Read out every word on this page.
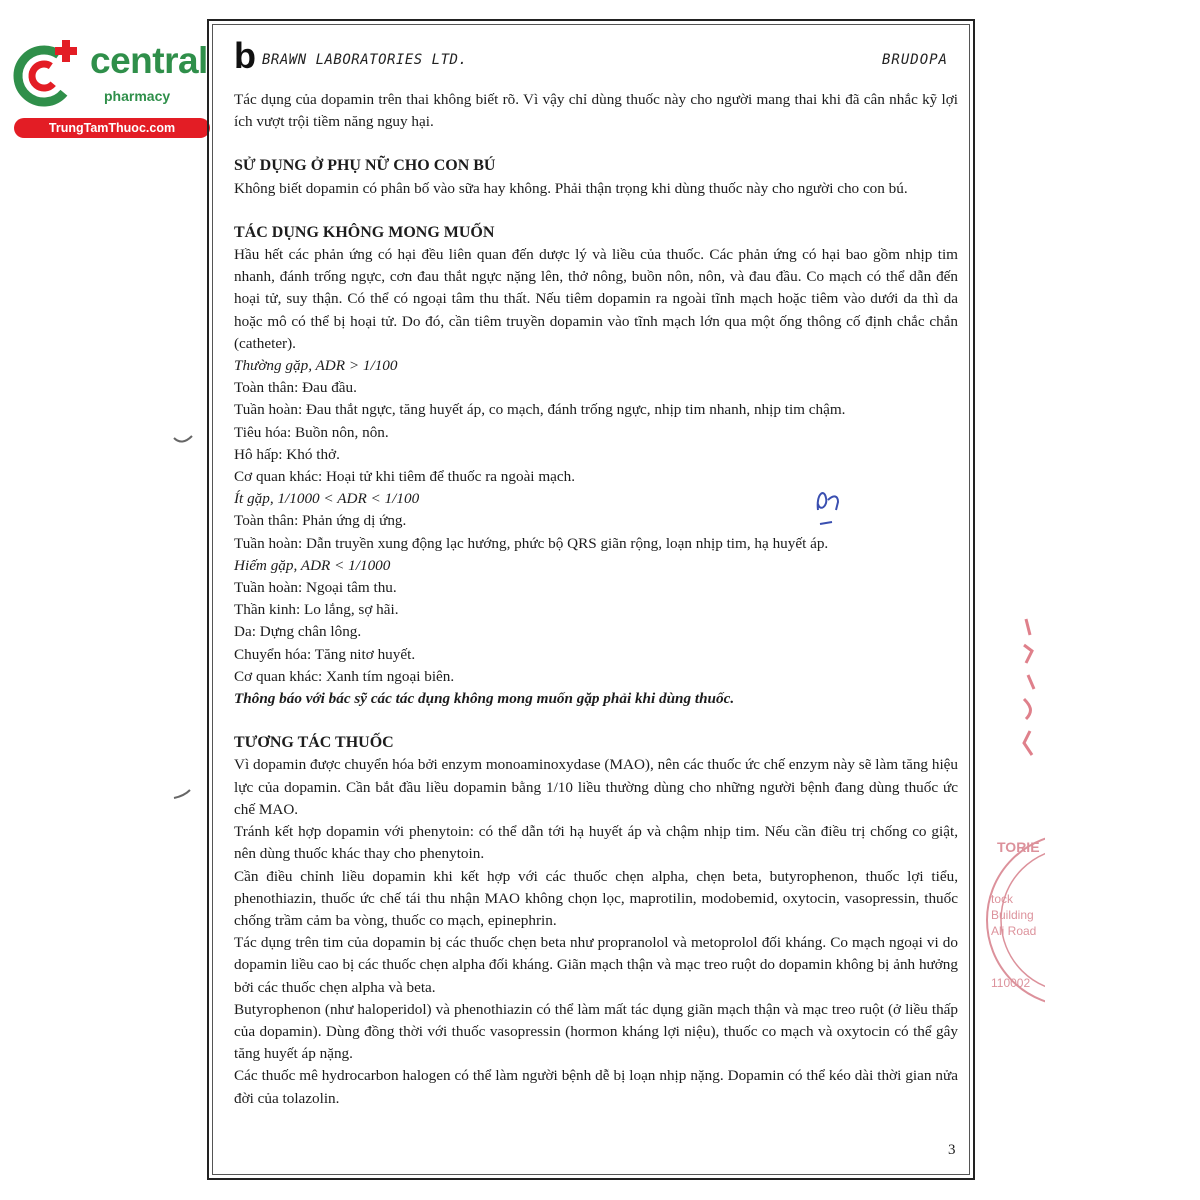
central
pharmacy
TrungTamThuoc.com
b BRAWN LABORATORIES LTD.	BRUDOPA

Tác dụng của dopamin trên thai không biết rõ. Vì vậy chỉ dùng thuốc này cho người mang thai khi đã cân nhắc kỹ lợi ích vượt trội tiềm năng nguy hại.

SỬ DỤNG Ở PHỤ NỮ CHO CON BÚ

Không biết dopamin có phân bố vào sữa hay không. Phải thận trọng khi dùng thuốc này cho người cho con bú.

TÁC DỤNG KHÔNG MONG MUỐN

Hầu hết các phản ứng có hại đều liên quan đến dược lý và liều của thuốc. Các phản ứng có hại bao gồm nhịp tim nhanh, đánh trống ngực, cơn đau thắt ngực nặng lên, thở nông, buồn nôn, nôn, và đau đầu. Co mạch có thể dẫn đến hoại tử, suy thận. Có thể có ngoại tâm thu thất. Nếu tiêm dopamin ra ngoài tĩnh mạch hoặc tiêm vào dưới da thì da hoặc mô có thể bị hoại tử. Do đó, cần tiêm truyền dopamin vào tĩnh mạch lớn qua một ống thông cố định chắc chắn (catheter).

Thường gặp, ADR > 1/100

Toàn thân: Đau đầu.

Tuần hoàn: Đau thắt ngực, tăng huyết áp, co mạch, đánh trống ngực, nhịp tim nhanh, nhịp tim chậm.

Tiêu hóa: Buồn nôn, nôn.

Hô hấp: Khó thở.

Cơ quan khác: Hoại tử khi tiêm để thuốc ra ngoài mạch.

Ít gặp, 1/1000 < ADR < 1/100

Toàn thân: Phản ứng dị ứng.

Tuần hoàn: Dẫn truyền xung động lạc hướng, phức bộ QRS giãn rộng, loạn nhịp tim, hạ huyết áp.

Hiếm gặp, ADR < 1/1000

Tuần hoàn: Ngoại tâm thu.

Thần kinh: Lo lắng, sợ hãi.

Da: Dựng chân lông.

Chuyển hóa: Tăng nitơ huyết.

Cơ quan khác: Xanh tím ngoại biên.

Thông báo với bác sỹ các tác dụng không mong muốn gặp phải khi dùng thuốc.

TƯƠNG TÁC THUỐC

Vì dopamin được chuyển hóa bởi enzym monoaminoxydase (MAO), nên các thuốc ức chế enzym này sẽ làm tăng hiệu lực của dopamin. Cần bắt đầu liều dopamin bằng 1/10 liều thường dùng cho những người bệnh đang dùng thuốc ức chế MAO.

Tránh kết hợp dopamin với phenytoin: có thể dẫn tới hạ huyết áp và chậm nhịp tim. Nếu cần điều trị chống co giật, nên dùng thuốc khác thay cho phenytoin.

Cần điều chỉnh liều dopamin khi kết hợp với các thuốc chẹn alpha, chẹn beta, butyrophenon, thuốc lợi tiểu, phenothiazin, thuốc ức chế tái thu nhận MAO không chọn lọc, maprotilin, modobemid, oxytocin, vasopressin, thuốc chống trầm cảm ba vòng, thuốc co mạch, epinephrin.

Tác dụng trên tim của dopamin bị các thuốc chẹn beta như propranolol và metoprolol đối kháng. Co mạch ngoại vi do dopamin liều cao bị các thuốc chẹn alpha đối kháng. Giãn mạch thận và mạc treo ruột do dopamin không bị ảnh hưởng bởi các thuốc chẹn alpha và beta.

Butyrophenon (như haloperidol) và phenothiazin có thể làm mất tác dụng giãn mạch thận và mạc treo ruột (ở liều thấp của dopamin). Dùng đồng thời với thuốc vasopressin (hormon kháng lợi niệu), thuốc co mạch và oxytocin có thể gây tăng huyết áp nặng.

Các thuốc mê hydrocarbon halogen có thể làm người bệnh dễ bị loạn nhịp nặng. Dopamin có thể kéo dài thời gian nửa đời của tolazolin.

3
TORIE
tock
Building
Ali Road
110002
